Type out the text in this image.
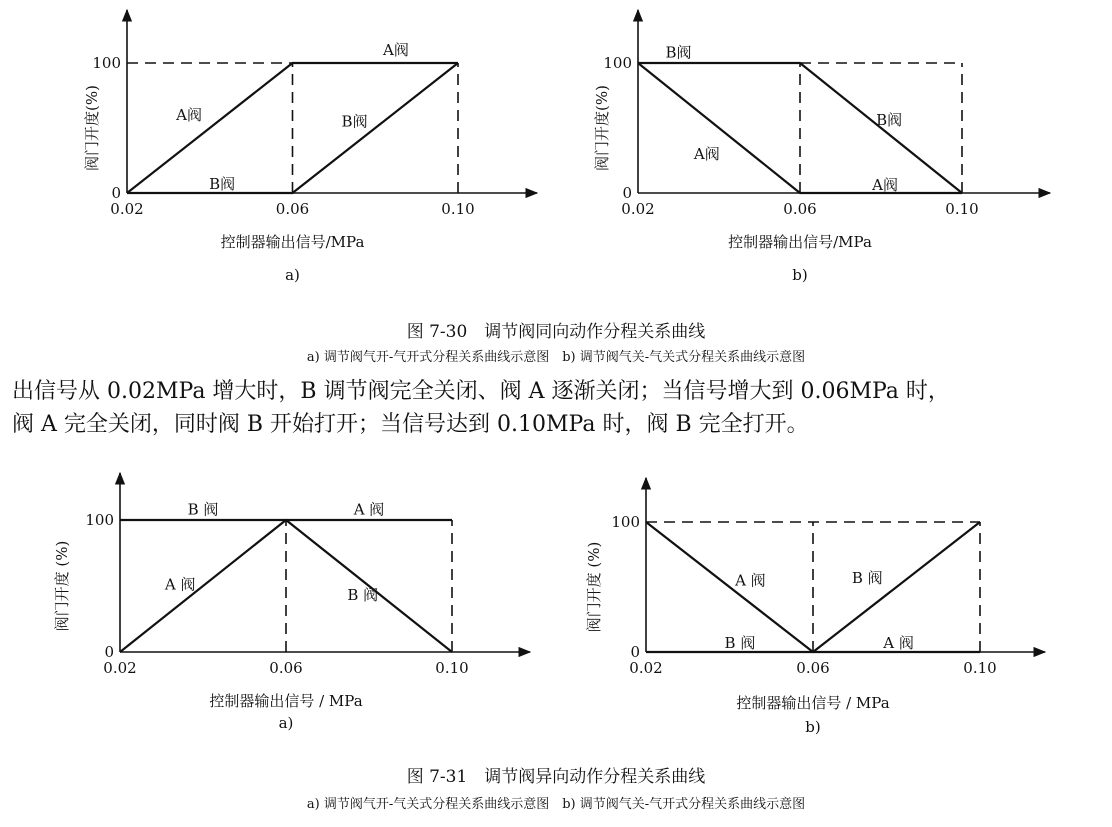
0.02	0.06	0.10
0
100
阀门开度(%)
控制器输出信号/MPa
a)
A阀
A阀	B阀
B阀
0.02	0.06	0.10
0
100
阀门开度(%)
控制器输出信号/MPa
b)
B阀
A阀
B阀
A阀
0.02	0.06	0.10
0
100
阀门开度 (%)
控制器输出信号 / MPa
a)
B 阀	A 阀
A 阀
B 阀
0.02	0.06	0.10
0
100
阀门开度 (%)
控制器输出信号 / MPa
b)
A 阀	B 阀
B 阀	A 阀
图 7-30　调节阀同向动作分程关系曲线
a) 调节阀气开-气开式分程关系曲线示意图　b) 调节阀气关-气关式分程关系曲线示意图
出信号从 0.02MPa 增大时，B 调节阀完全关闭、阀 A 逐渐关闭；当信号增大到 0.06MPa 时，
阀 A 完全关闭，同时阀 B 开始打开；当信号达到 0.10MPa 时，阀 B 完全打开。
图 7-31　调节阀异向动作分程关系曲线
a) 调节阀气开-气关式分程关系曲线示意图　b) 调节阀气关-气开式分程关系曲线示意图
